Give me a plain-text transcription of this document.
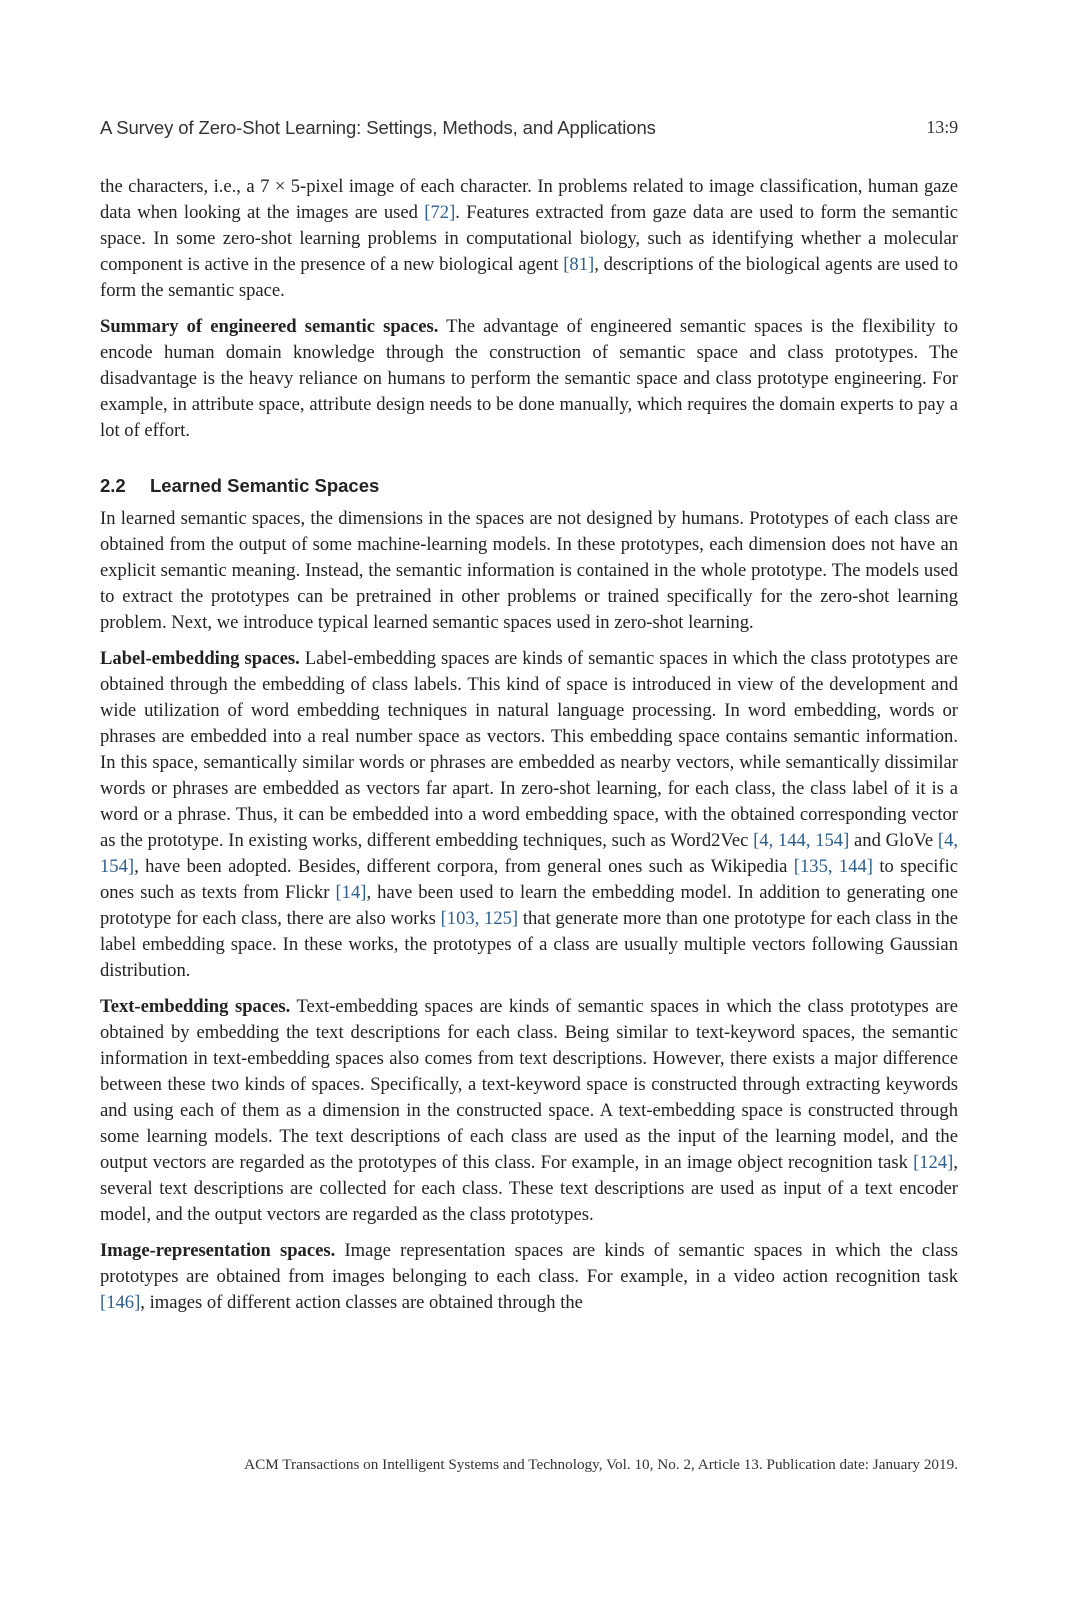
A Survey of Zero-Shot Learning: Settings, Methods, and Applications	13:9

the characters, i.e., a 7 × 5-pixel image of each character. In problems related to image classification, human gaze data when looking at the images are used [72]. Features extracted from gaze data are used to form the semantic space. In some zero-shot learning problems in computational biology, such as identifying whether a molecular component is active in the presence of a new biological agent [81], descriptions of the biological agents are used to form the semantic space.

Summary of engineered semantic spaces. The advantage of engineered semantic spaces is the flexibility to encode human domain knowledge through the construction of semantic space and class prototypes. The disadvantage is the heavy reliance on humans to perform the semantic space and class prototype engineering. For example, in attribute space, attribute design needs to be done manually, which requires the domain experts to pay a lot of effort.

2.2 Learned Semantic Spaces

In learned semantic spaces, the dimensions in the spaces are not designed by humans. Prototypes of each class are obtained from the output of some machine-learning models. In these prototypes, each dimension does not have an explicit semantic meaning. Instead, the semantic information is contained in the whole prototype. The models used to extract the prototypes can be pretrained in other problems or trained specifically for the zero-shot learning problem. Next, we introduce typical learned semantic spaces used in zero-shot learning.

Label-embedding spaces. Label-embedding spaces are kinds of semantic spaces in which the class prototypes are obtained through the embedding of class labels. This kind of space is introduced in view of the development and wide utilization of word embedding techniques in natural language processing. In word embedding, words or phrases are embedded into a real number space as vectors. This embedding space contains semantic information. In this space, semantically similar words or phrases are embedded as nearby vectors, while semantically dissimilar words or phrases are embedded as vectors far apart. In zero-shot learning, for each class, the class label of it is a word or a phrase. Thus, it can be embedded into a word embedding space, with the obtained corresponding vector as the prototype. In existing works, different embedding techniques, such as Word2Vec [4, 144, 154] and GloVe [4, 154], have been adopted. Besides, different corpora, from general ones such as Wikipedia [135, 144] to specific ones such as texts from Flickr [14], have been used to learn the embedding model. In addition to generating one prototype for each class, there are also works [103, 125] that generate more than one prototype for each class in the label embedding space. In these works, the prototypes of a class are usually multiple vectors following Gaussian distribution.

Text-embedding spaces. Text-embedding spaces are kinds of semantic spaces in which the class prototypes are obtained by embedding the text descriptions for each class. Being similar to text-keyword spaces, the semantic information in text-embedding spaces also comes from text descriptions. However, there exists a major difference between these two kinds of spaces. Specifically, a text-keyword space is constructed through extracting keywords and using each of them as a dimension in the constructed space. A text-embedding space is constructed through some learning models. The text descriptions of each class are used as the input of the learning model, and the output vectors are regarded as the prototypes of this class. For example, in an image object recognition task [124], several text descriptions are collected for each class. These text descriptions are used as input of a text encoder model, and the output vectors are regarded as the class prototypes.

Image-representation spaces. Image representation spaces are kinds of semantic spaces in which the class prototypes are obtained from images belonging to each class. For example, in a video action recognition task [146], images of different action classes are obtained through the

ACM Transactions on Intelligent Systems and Technology, Vol. 10, No. 2, Article 13. Publication date: January 2019.
